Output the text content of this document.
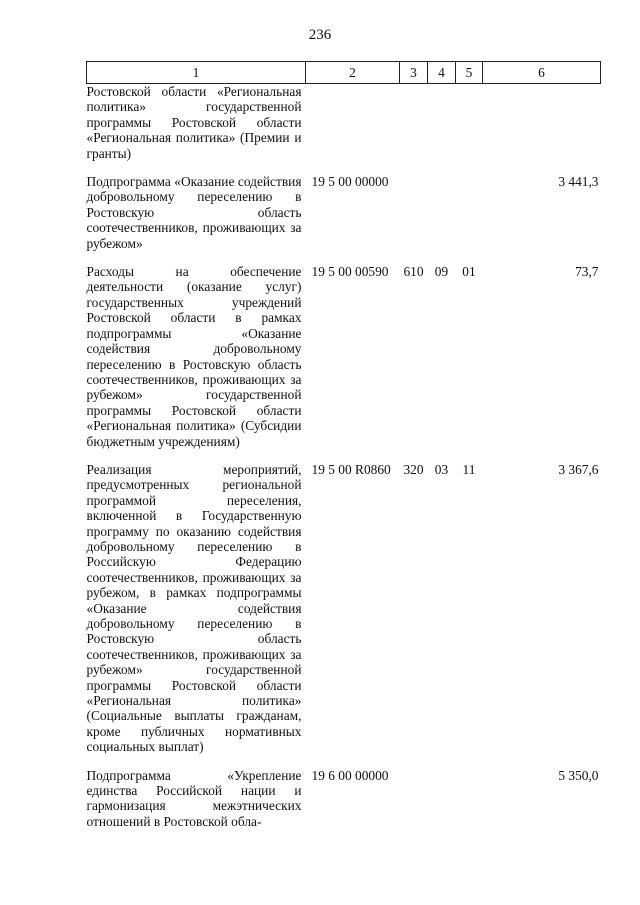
236
1	2	3	4	5	6
Ростовской области «Региональная политика» государственной программы Ростовской области «Региональная политика» (Премии и гранты)					
Подпрограмма «Оказание содействия добровольному переселению в Ростовскую область соотечественников, проживающих за рубежом»	19 5 00 00000				3 441,3
Расходы на обеспечение деятельности (оказание услуг) государственных учреждений Ростовской области в рамках подпрограммы «Оказание содействия добровольному переселению в Ростовскую область соотечественников, проживающих за рубежом» государственной программы Ростовской области «Региональная политика» (Субсидии бюджетным учреждениям)	19 5 00 00590	610	09	01	73,7
Реализация мероприятий, предусмотренных региональной программой переселения, включенной в Государственную программу по оказанию содействия добровольному переселению в Российскую Федерацию соотечественников, проживающих за рубежом, в рамках подпрограммы «Оказание содействия добровольному переселению в Ростовскую область соотечественников, проживающих за рубежом» государственной программы Ростовской области «Региональная политика» (Социальные выплаты гражданам, кроме публичных нормативных социальных выплат)	19 5 00 R0860	320	03	11	3 367,6
Подпрограмма «Укрепление единства Российской нации и гармонизация межэтнических отношений в Ростовской обла-	19 6 00 00000				5 350,0
